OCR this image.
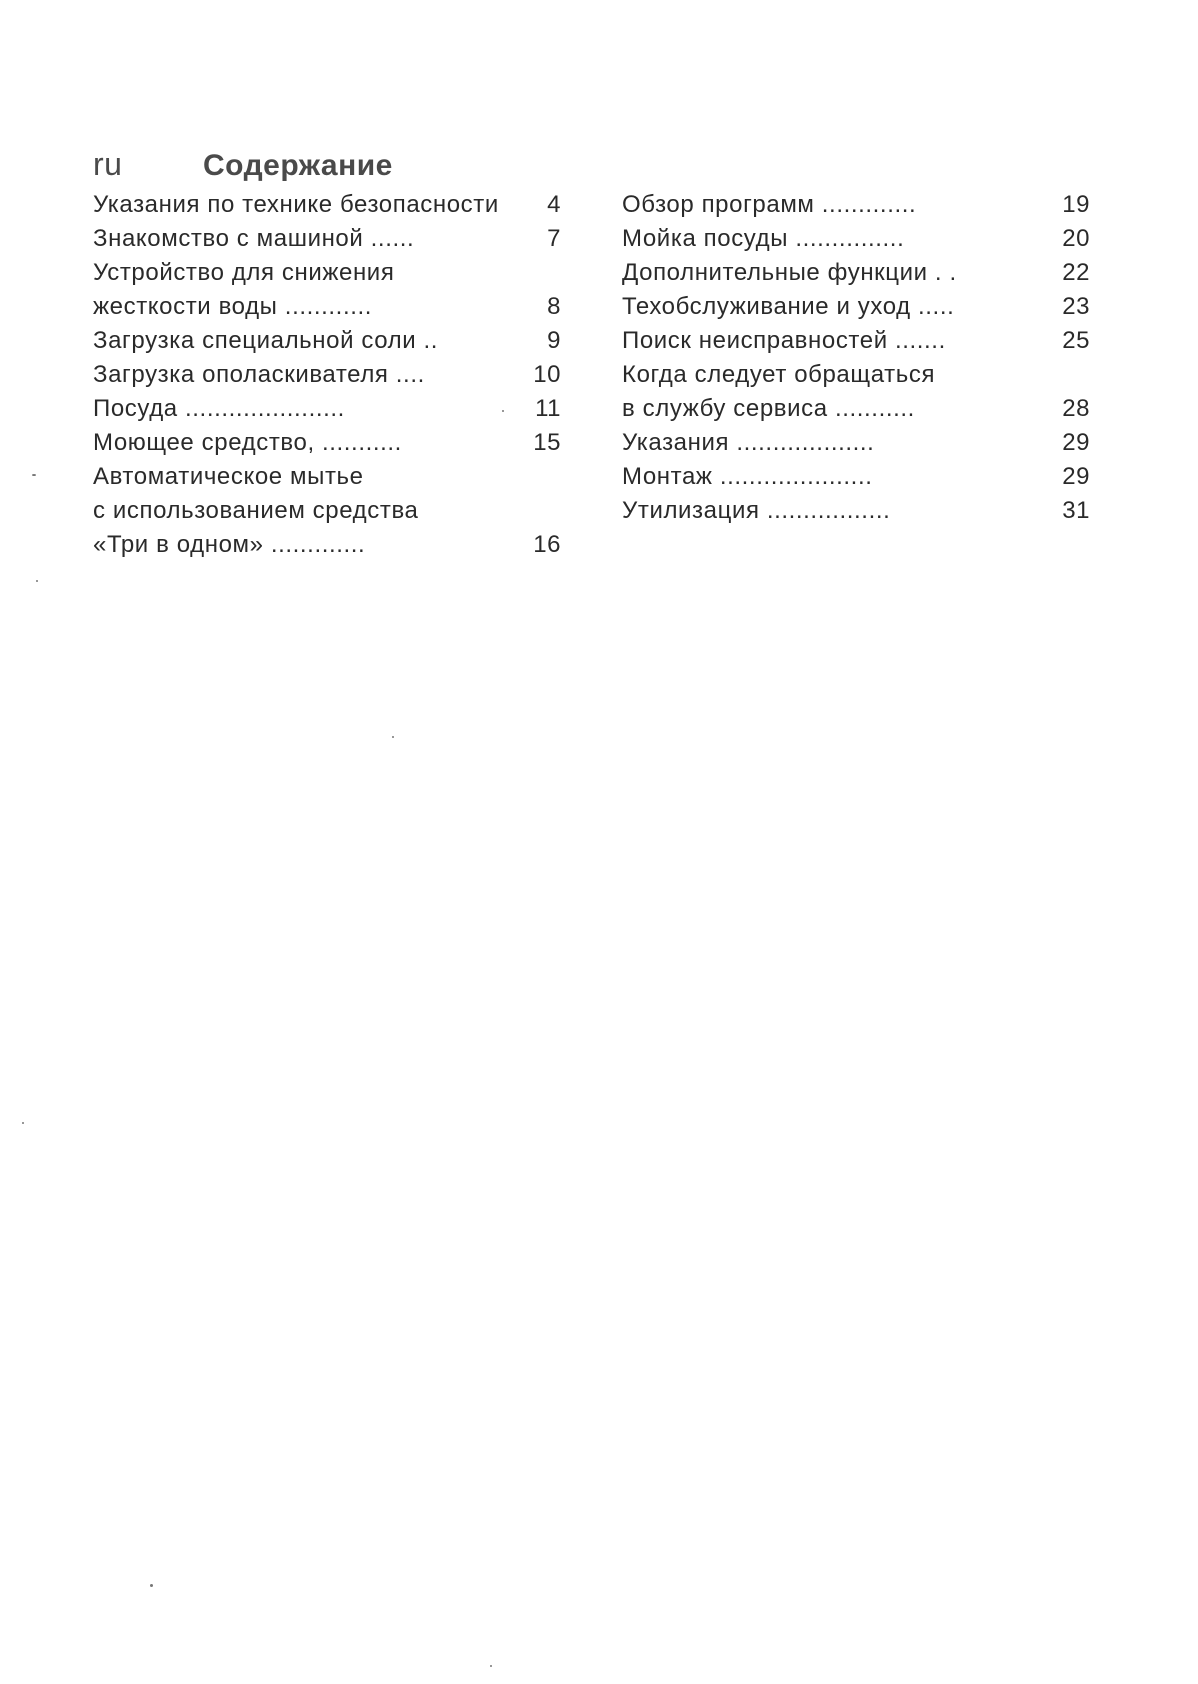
ru	Содержание
Указания по технике безопасности 4
Знакомство с машиной ......	7
Устройство для снижения
жесткости воды ............	8
Загрузка специальной соли ..	9
Загрузка ополаскивателя ....	10
Посуда ......................	11
Моющее средство, ...........	15
Автоматическое мытье
с использованием средства
«Три в одном» .............	16
Обзор программ .............	19
Мойка посуды ...............	20
Дополнительные функции . .	22
Техобслуживание и уход .....	23
Поиск неисправностей .......	25
Когда следует обращаться
в службу сервиса ...........	28
Указания ...................	29
Монтаж .....................	29
Утилизация .................	31
